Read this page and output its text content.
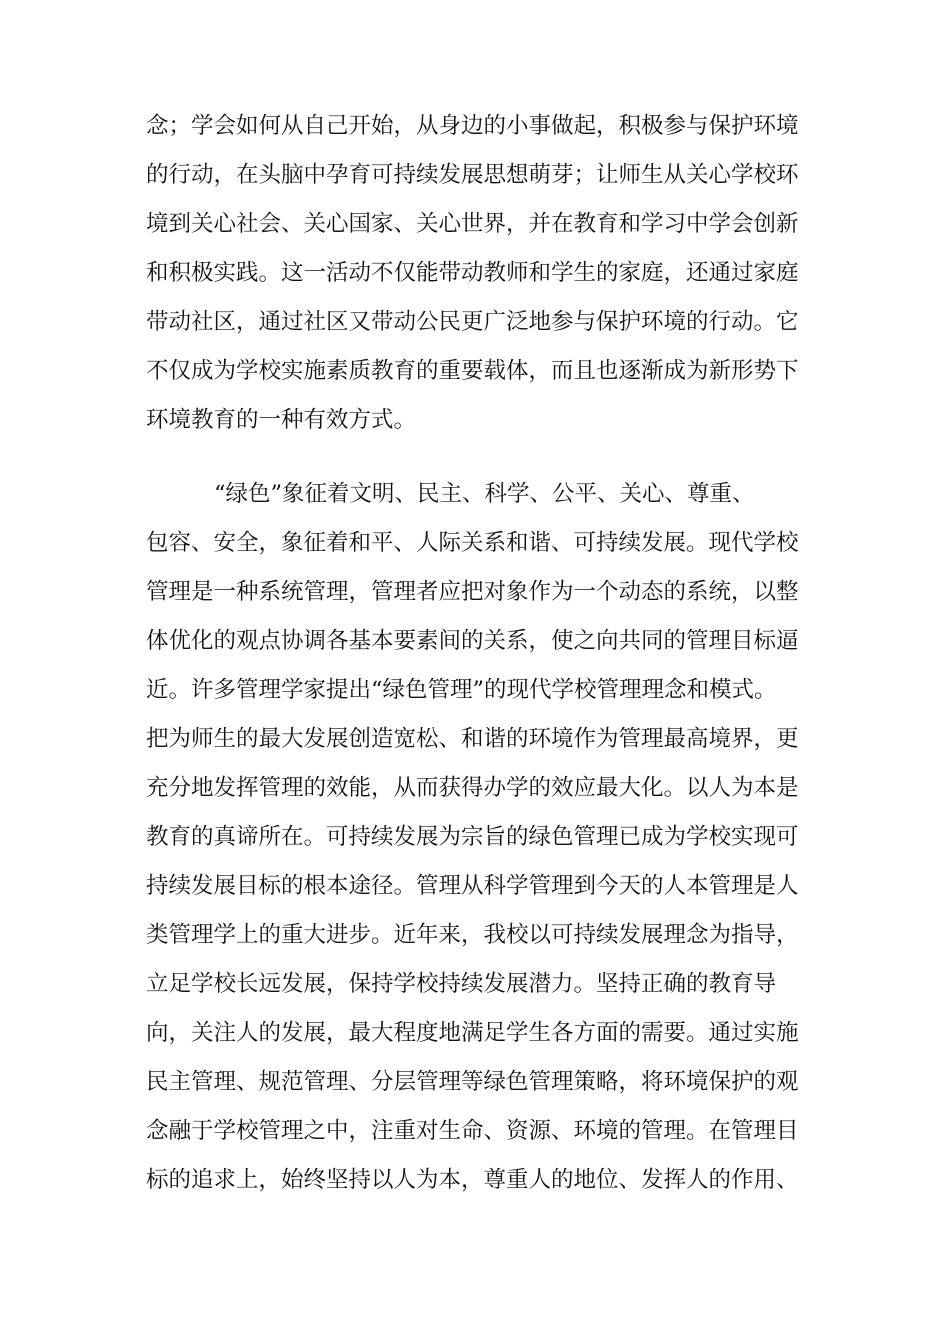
念；学会如何从自己开始，从身边的小事做起，积极参与保护环境

的行动，在头脑中孕育可持续发展思想萌芽；让师生从关心学校环

境到关心社会、关心国家、关心世界，并在教育和学习中学会创新

和积极实践。这一活动不仅能带动教师和学生的家庭，还通过家庭

带动社区，通过社区又带动公民更广泛地参与保护环境的行动。它

不仅成为学校实施素质教育的重要载体，而且也逐渐成为新形势下

环境教育的一种有效方式。

“绿色”象征着文明、民主、科学、公平、关心、尊重、

包容、安全，象征着和平、人际关系和谐、可持续发展。现代学校

管理是一种系统管理，管理者应把对象作为一个动态的系统，以整

体优化的观点协调各基本要素间的关系，使之向共同的管理目标逼

近。许多管理学家提出“绿色管理”的现代学校管理理念和模式。

把为师生的最大发展创造宽松、和谐的环境作为管理最高境界，更

充分地发挥管理的效能，从而获得办学的效应最大化。以人为本是

教育的真谛所在。可持续发展为宗旨的绿色管理已成为学校实现可

持续发展目标的根本途径。管理从科学管理到今天的人本管理是人

类管理学上的重大进步。近年来，我校以可持续发展理念为指导，

立足学校长远发展，保持学校持续发展潜力。坚持正确的教育导

向，关注人的发展，最大程度地满足学生各方面的需要。通过实施

民主管理、规范管理、分层管理等绿色管理策略，将环境保护的观

念融于学校管理之中，注重对生命、资源、环境的管理。在管理目

标的追求上，始终坚持以人为本，尊重人的地位、发挥人的作用、
